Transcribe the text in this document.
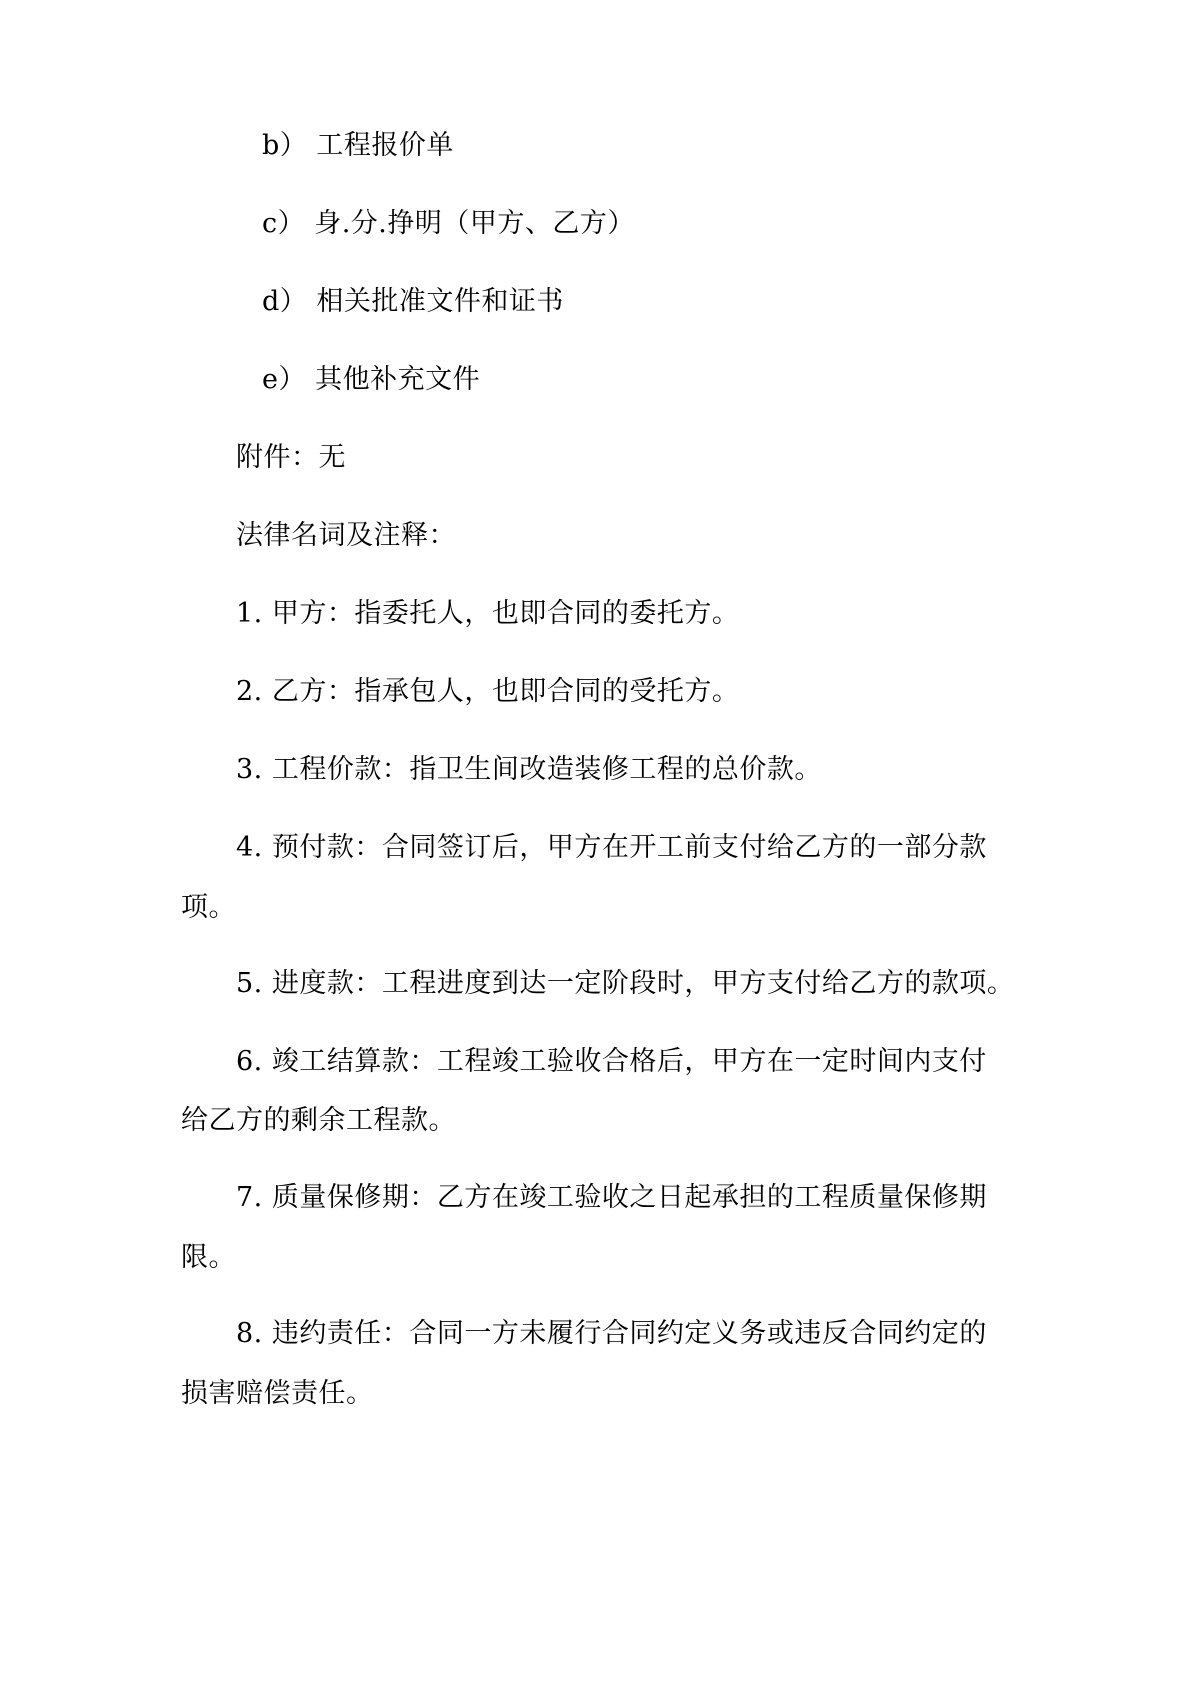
b） 工程报价单
c） 身.分.挣明（甲方、乙方）
d） 相关批准文件和证书
e） 其他补充文件
附件：无
法律名词及注释：
1. 甲方：指委托人，也即合同的委托方。
2. 乙方：指承包人，也即合同的受托方。
3. 工程价款：指卫生间改造装修工程的总价款。
4. 预付款：合同签订后，甲方在开工前支付给乙方的一部分款
项。
5. 进度款：工程进度到达一定阶段时，甲方支付给乙方的款项。
6. 竣工结算款：工程竣工验收合格后，甲方在一定时间内支付
给乙方的剩余工程款。
7. 质量保修期：乙方在竣工验收之日起承担的工程质量保修期
限。
8. 违约责任：合同一方未履行合同约定义务或违反合同约定的
损害赔偿责任。
